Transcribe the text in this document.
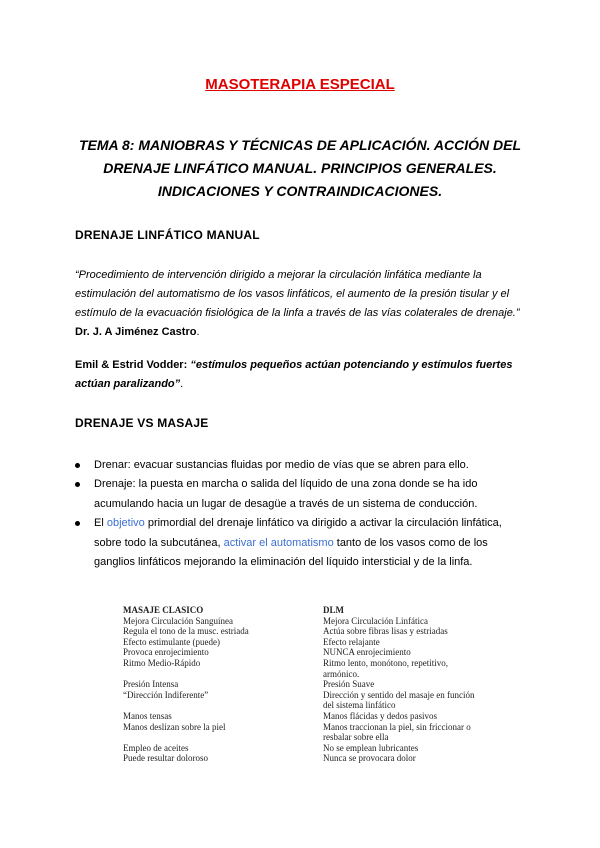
MASOTERAPIA ESPECIAL
TEMA 8: MANIOBRAS Y TÉCNICAS DE APLICACIÓN. ACCIÓN DEL
DRENAJE LINFÁTICO MANUAL. PRINCIPIOS GENERALES.
INDICACIONES Y CONTRAINDICACIONES.
DRENAJE LINFÁTICO MANUAL
“Procedimiento de intervención dirigido a mejorar la circulación linfática mediante la estimulación del automatismo de los vasos linfáticos, el aumento de la presión tisular y el estímulo de la evacuación fisiológica de la linfa a través de las vías colaterales de drenaje.” Dr. J. A Jiménez Castro.
Emil & Estrid Vodder: “estímulos pequeños actúan potenciando y estímulos fuertes actúan paralizando”.
DRENAJE VS MASAJE
Drenar: evacuar sustancias fluidas por medio de vías que se abren para ello.
Drenaje: la puesta en marcha o salida del líquido de una zona donde se ha ido acumulando hacia un lugar de desagüe a través de un sistema de conducción.
El objetivo primordial del drenaje linfático va dirigido a activar la circulación linfática, sobre todo la subcutánea, activar el automatismo tanto de los vasos como de los ganglios linfáticos mejorando la eliminación del líquido intersticial y de la linfa.
MASAJE CLASICO
Mejora Circulación Sanguínea
Regula el tono de la musc. estriada
Efecto estimulante (puede)
Provoca enrojecimiento
Ritmo Medio-Rápido
Presión Intensa
“Dirección Indiferente”
Manos tensas
Manos deslizan sobre la piel
Empleo de aceites
Puede resultar doloroso
DLM
Mejora Circulación Linfática
Actúa sobre fibras lisas y estriadas
Efecto relajante
NUNCA enrojecimiento
Ritmo lento, monótono, repetitivo,
armónico.
Presión Suave
Dirección y sentido del masaje en función
del sistema linfático
Manos flácidas y dedos pasivos
Manos traccionan la piel, sin friccionar o
resbalar sobre ella
No se emplean lubricantes
Nunca se provocara dolor
